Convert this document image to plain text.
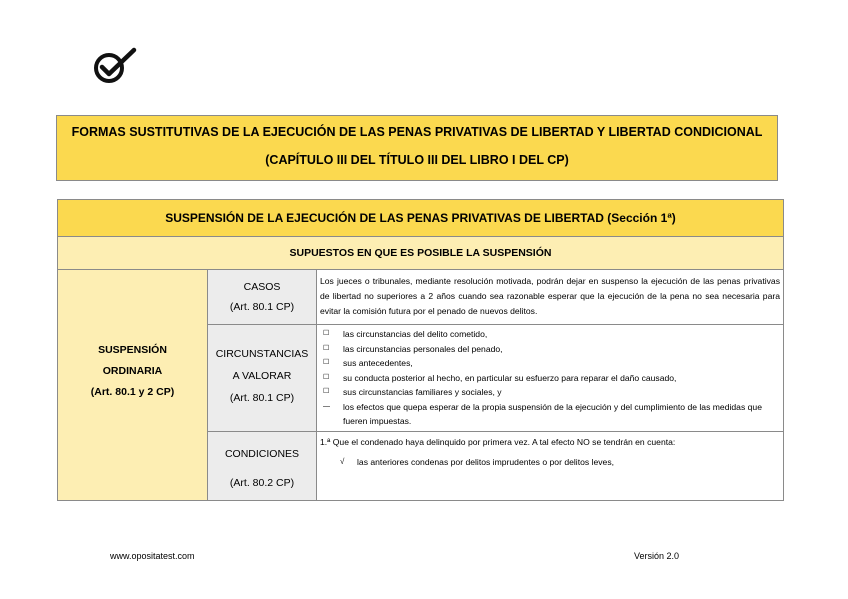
FORMAS SUSTITUTIVAS DE LA EJECUCIÓN DE LAS PENAS PRIVATIVAS DE LIBERTAD Y LIBERTAD CONDICIONAL
(CAPÍTULO III DEL TÍTULO III DEL LIBRO I DEL CP)
SUSPENSIÓN DE LA EJECUCIÓN DE LAS PENAS PRIVATIVAS DE LIBERTAD (Sección 1ª)
SUPUESTOS EN QUE ES POSIBLE LA SUSPENSIÓN
SUSPENSIÓN
ORDINARIA
(Art. 80.1 y 2 CP)
CASOS
(Art. 80.1 CP)
Los jueces o tribunales, mediante resolución motivada, podrán dejar en suspenso la ejecución de las penas privativas de libertad no superiores a 2 años cuando sea razonable esperar que la ejecución de la pena no sea necesaria para evitar la comisión futura por el penado de nuevos delitos.
CIRCUNSTANCIAS
A VALORAR
(Art. 80.1 CP)
☐ las circunstancias del delito cometido,
☐ las circunstancias personales del penado,
☐ sus antecedentes,
☐ su conducta posterior al hecho, en particular su esfuerzo para reparar el daño causado,
☐ sus circunstancias familiares y sociales, y
— los efectos que quepa esperar de la propia suspensión de la ejecución y del cumplimiento de las medidas que fueren impuestas.
CONDICIONES
(Art. 80.2 CP)
1.ª Que el condenado haya delinquido por primera vez. A tal efecto NO se tendrán en cuenta:
√ las anteriores condenas por delitos imprudentes o por delitos leves,
www.opositatest.com	Versión 2.0
